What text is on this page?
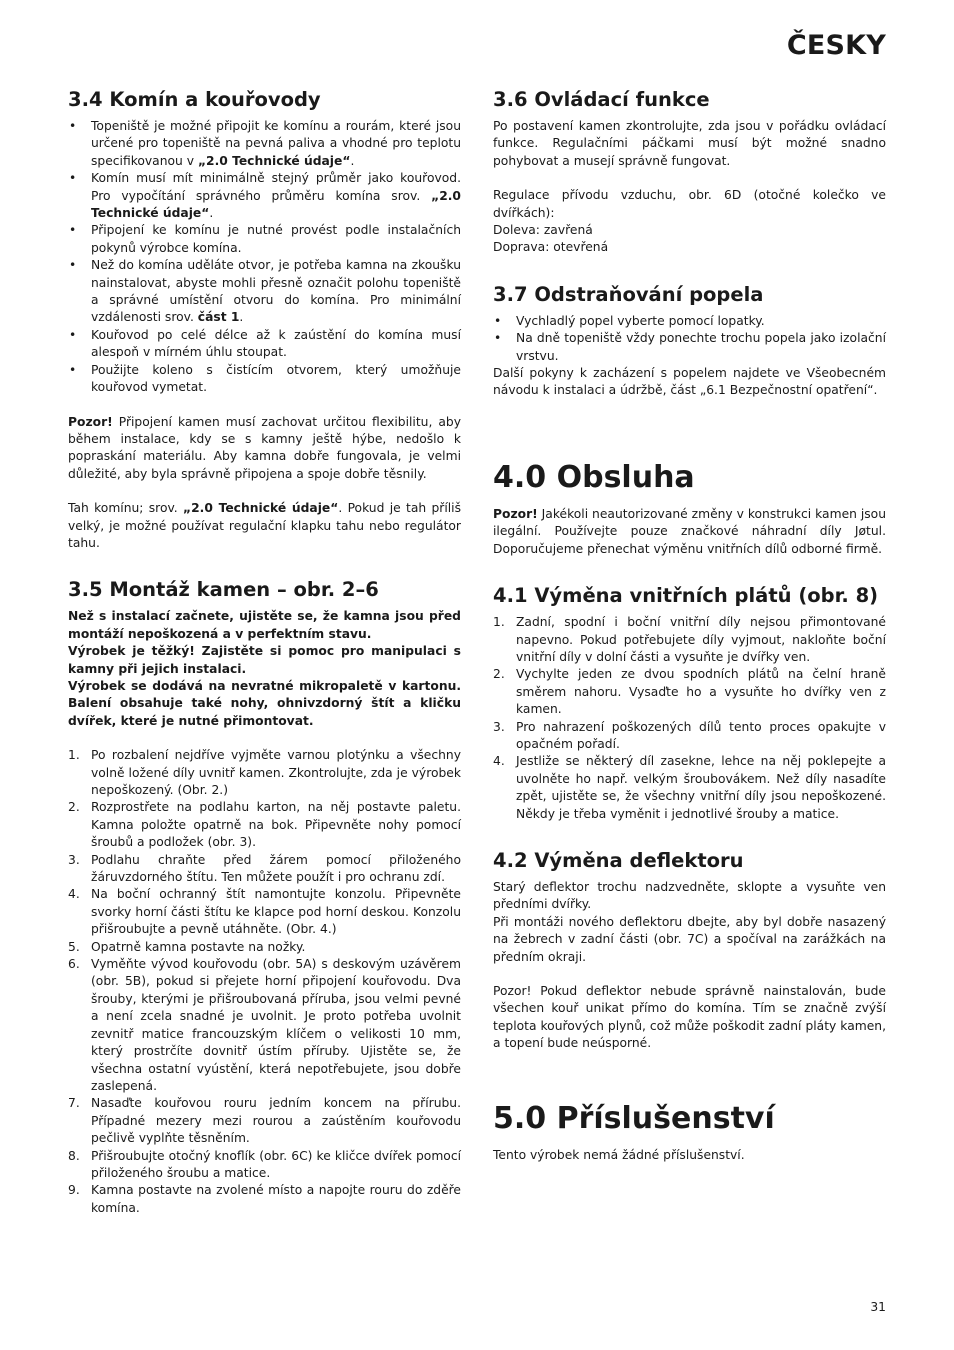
ČESKY
3.4 Komín a kouřovody
• Topeniště je možné připojit ke komínu a rourám, které jsou určené pro topeniště na pevná paliva a vhodné pro teplotu specifikovanou v „2.0 Technické údaje“.
• Komín musí mít minimálně stejný průměr jako kouřovod. Pro vypočítání správného průměru komína srov. „2.0 Technické údaje“.
• Připojení ke komínu je nutné provést podle instalačních pokynů výrobce komína.
• Než do komína uděláte otvor, je potřeba kamna na zkoušku nainstalovat, abyste mohli přesně označit polohu topeniště a správné umístění otvoru do komína. Pro minimální vzdálenosti srov. část 1.
• Kouřovod po celé délce až k zaústění do komína musí alespoň v mírném úhlu stoupat.
• Použijte koleno s čistícím otvorem, který umožňuje kouřovod vymetat.

Pozor! Připojení kamen musí zachovat určitou flexibilitu, aby během instalace, kdy se s kamny ještě hýbe, nedošlo k popraskání materiálu. Aby kamna dobře fungovala, je velmi důležité, aby byla správně připojena a spoje dobře těsnily.

Tah komínu; srov. „2.0 Technické údaje“. Pokud je tah příliš velký, je možné používat regulační klapku tahu nebo regulátor tahu.

3.5 Montáž kamen – obr. 2–6

Než s instalací začnete, ujistěte se, že kamna jsou před montáží nepoškozená a v perfektním stavu.

Výrobek je těžký! Zajistěte si pomoc pro manipulaci s kamny při jejich instalaci.

Výrobek se dodává na nevratné mikropaletě v kartonu. Balení obsahuje také nohy, ohnivzdorný štít a kličku dvířek, které je nutné přimontovat.

1. Po rozbalení nejdříve vyjměte varnou plotýnku a všechny volně ložené díly uvnitř kamen. Zkontrolujte, zda je výrobek nepoškozený. (Obr. 2.)
2. Rozprostřete na podlahu karton, na něj postavte paletu. Kamna položte opatrně na bok. Připevněte nohy pomocí šroubů a podložek (obr. 3).
3. Podlahu chraňte před žárem pomocí přiloženého žáruvzdorného štítu. Ten můžete použít i pro ochranu zdí.
4. Na boční ochranný štít namontujte konzolu. Připevněte svorky horní části štítu ke klapce pod horní deskou. Konzolu přišroubujte a pevně utáhněte. (Obr. 4.)
5. Opatrně kamna postavte na nožky.
6. Vyměňte vývod kouřovodu (obr. 5A) s deskovým uzávěrem (obr. 5B), pokud si přejete horní připojení kouřovodu. Dva šrouby, kterými je přišroubovaná příruba, jsou velmi pevné a není zcela snadné je uvolnit. Je proto potřeba uvolnit zevnitř matice francouzským klíčem o velikosti 10 mm, který prostrčíte dovnitř ústím příruby. Ujistěte se, že všechna ostatní vyústění, která nepotřebujete, jsou dobře zaslepená.
7. Nasaďte kouřovou rouru jedním koncem na přírubu. Případné mezery mezi rourou a zaústěním kouřovodu pečlivě vyplňte těsněním.
8. Přišroubujte otočný knoflík (obr. 6C) ke kličce dvířek pomocí přiloženého šroubu a matice.
9. Kamna postavte na zvolené místo a napojte rouru do zděře komína.
3.6 Ovládací funkce

Po postavení kamen zkontrolujte, zda jsou v pořádku ovládací funkce. Regulačními páčkami musí být možné snadno pohybovat a musejí správně fungovat.

Regulace přívodu vzduchu, obr. 6D (otočné kolečko ve dvířkách):

Doleva: zavřená

Doprava: otevřená

3.7 Odstraňování popela
• Vychladlý popel vyberte pomocí lopatky.
• Na dně topeniště vždy ponechte trochu popela jako izolační vrstvu.

Další pokyny k zacházení s popelem najdete ve Všeobecném návodu k instalaci a údržbě, část „6.1 Bezpečnostní opatření“.

4.0 Obsluha

Pozor! Jakékoli neautorizované změny v konstrukci kamen jsou ilegální. Používejte pouze značkové náhradní díly Jøtul. Doporučujeme přenechat výměnu vnitřních dílů odborné firmě.

4.1 Výměna vnitřních plátů (obr. 8)
1. Zadní, spodní i boční vnitřní díly nejsou přimontované napevno. Pokud potřebujete díly vyjmout, nakloňte boční vnitřní díly v dolní části a vysuňte je dvířky ven.
2. Vychylte jeden ze dvou spodních plátů na čelní hraně směrem nahoru. Vysaďte ho a vysuňte ho dvířky ven z kamen.
3. Pro nahrazení poškozených dílů tento proces opakujte v opačném pořadí.
4. Jestliže se některý díl zasekne, lehce na něj poklepejte a uvolněte ho např. velkým šroubovákem. Než díly nasadíte zpět, ujistěte se, že všechny vnitřní díly jsou nepoškozené. Někdy je třeba vyměnit i jednotlivé šrouby a matice.
4.2 Výměna deflektoru

Starý deflektor trochu nadzvedněte, sklopte a vysuňte ven předními dvířky.

Při montáži nového deflektoru dbejte, aby byl dobře nasazený na žebrech v zadní části (obr. 7C) a spočíval na zarážkách na předním okraji.

Pozor! Pokud deflektor nebude správně nainstalován, bude všechen kouř unikat přímo do komína. Tím se značně zvýší teplota kouřových plynů, což může poškodit zadní pláty kamen, a topení bude neúsporné.

5.0 Příslušenství

Tento výrobek nemá žádné příslušenství.

31
